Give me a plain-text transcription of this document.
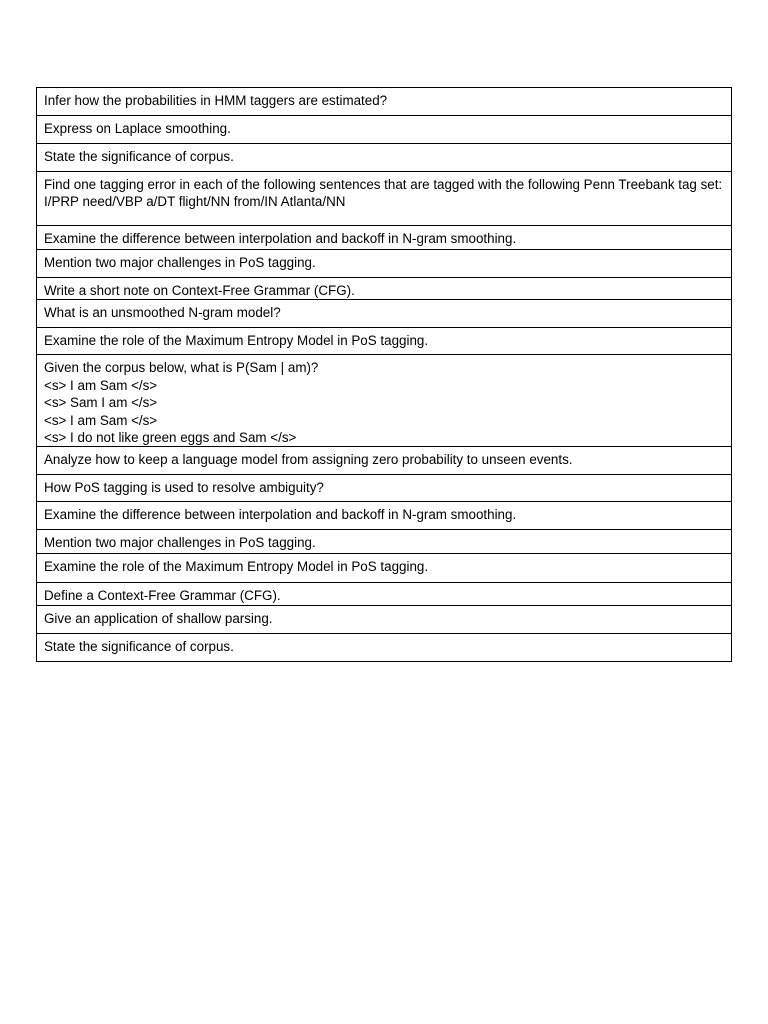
Infer how the probabilities in HMM taggers are estimated?

Express on Laplace smoothing.

State the significance of corpus.

Find one tagging error in each of the following sentences that are tagged with the following Penn Treebank tag set:
I/PRP need/VBP a/DT flight/NN from/IN Atlanta/NN

Examine the difference between interpolation and backoff in N-gram smoothing.

Mention two major challenges in PoS tagging.

Write a short note on Context-Free Grammar (CFG).

What is an unsmoothed N-gram model?

Examine the role of the Maximum Entropy Model in PoS tagging.

Given the corpus below, what is P(Sam | am)?
<s> I am Sam </s>
<s> Sam I am </s>
<s> I am Sam </s>
<s> I do not like green eggs and Sam </s>

Analyze how to keep a language model from assigning zero probability to unseen events.

How PoS tagging is used to resolve ambiguity?

Examine the difference between interpolation and backoff in N-gram smoothing.

Mention two major challenges in PoS tagging.

Examine the role of the Maximum Entropy Model in PoS tagging.

Define a Context-Free Grammar (CFG).

Give an application of shallow parsing.

State the significance of corpus.
